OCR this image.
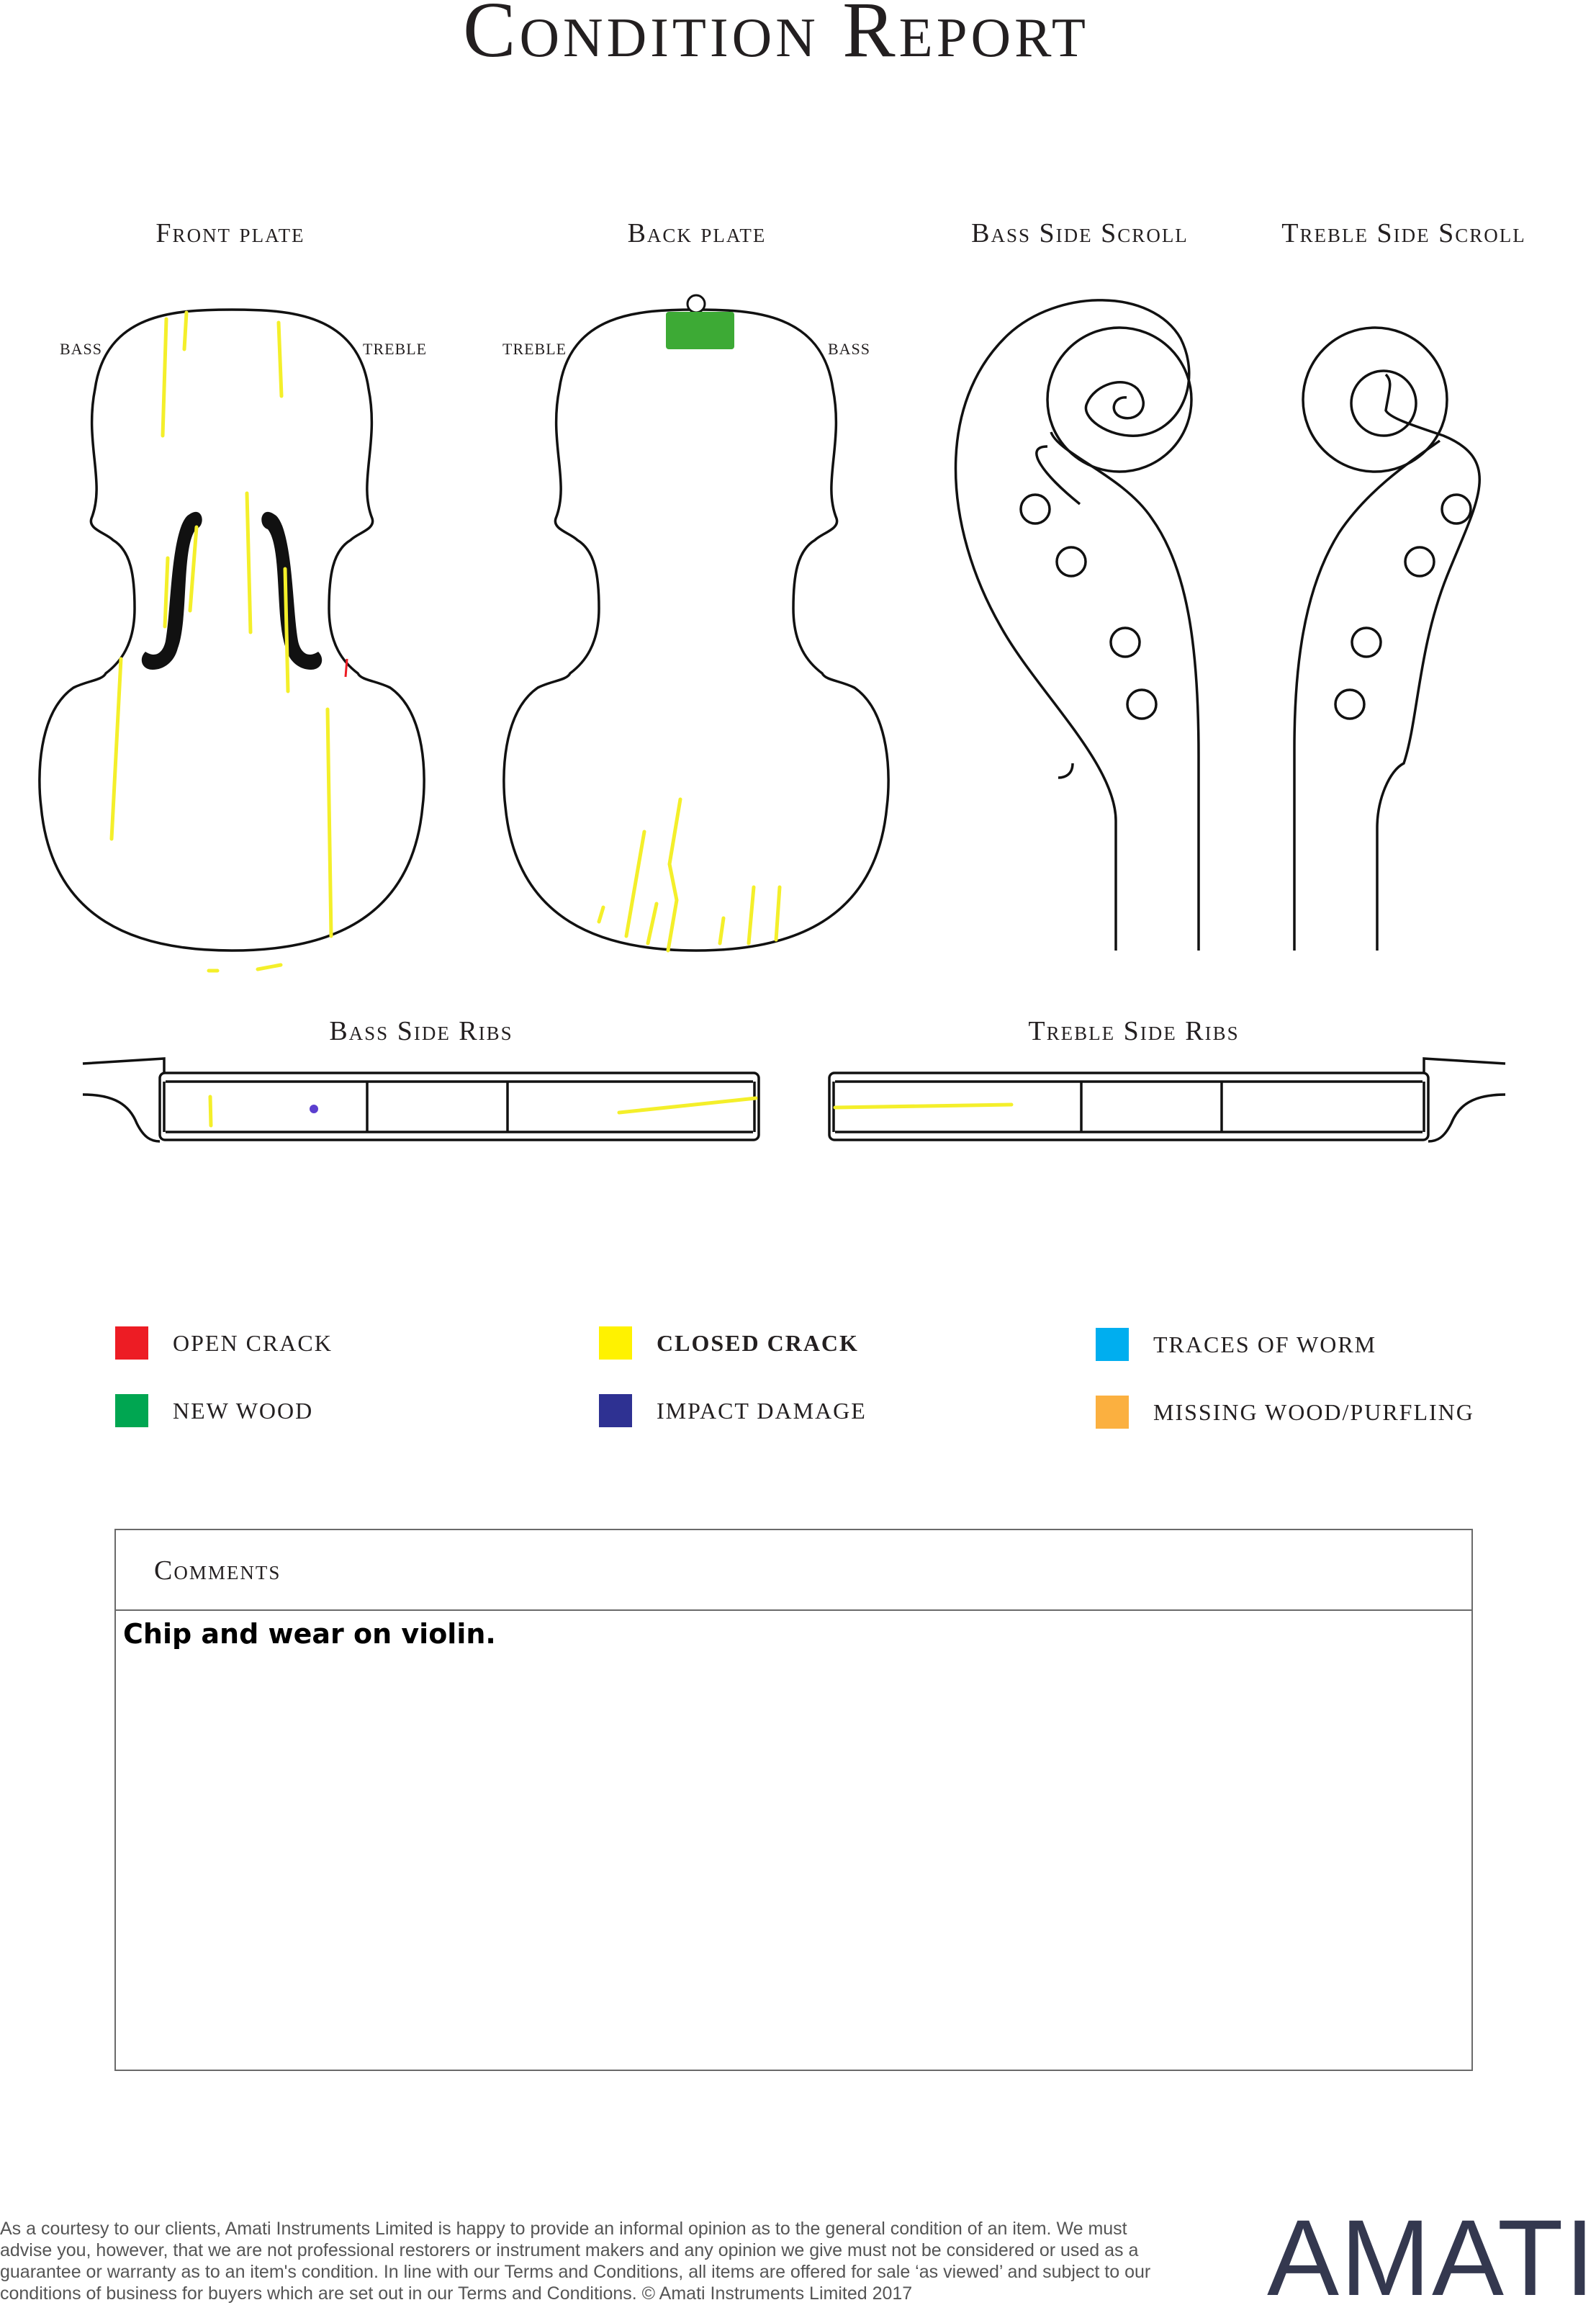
Condition Report
Front plate	Back plate	Bass Side Scroll	Treble Side Scroll
Bass Side Ribs	Treble Side Ribs
BASS	TREBLE	TREBLE	BASS
OPEN CRACK	CLOSED CRACK	TRACES OF WORM
NEW WOOD	IMPACT DAMAGE	MISSING WOOD/PURFLING
Comments
Chip and wear on violin.
As a courtesy to our clients, Amati Instruments Limited is happy to provide an informal opinion as to the general condition of an item. We must advise you, however, that we are not professional restorers or instrument makers and any opinion we give must not be considered or used as a guarantee or warranty as to an item's condition. In line with our Terms and Conditions, all items are offered for sale ‘as viewed’ and subject to our conditions of business for buyers which are set out in our Terms and Conditions. © Amati Instruments Limited 2017	AMATI
